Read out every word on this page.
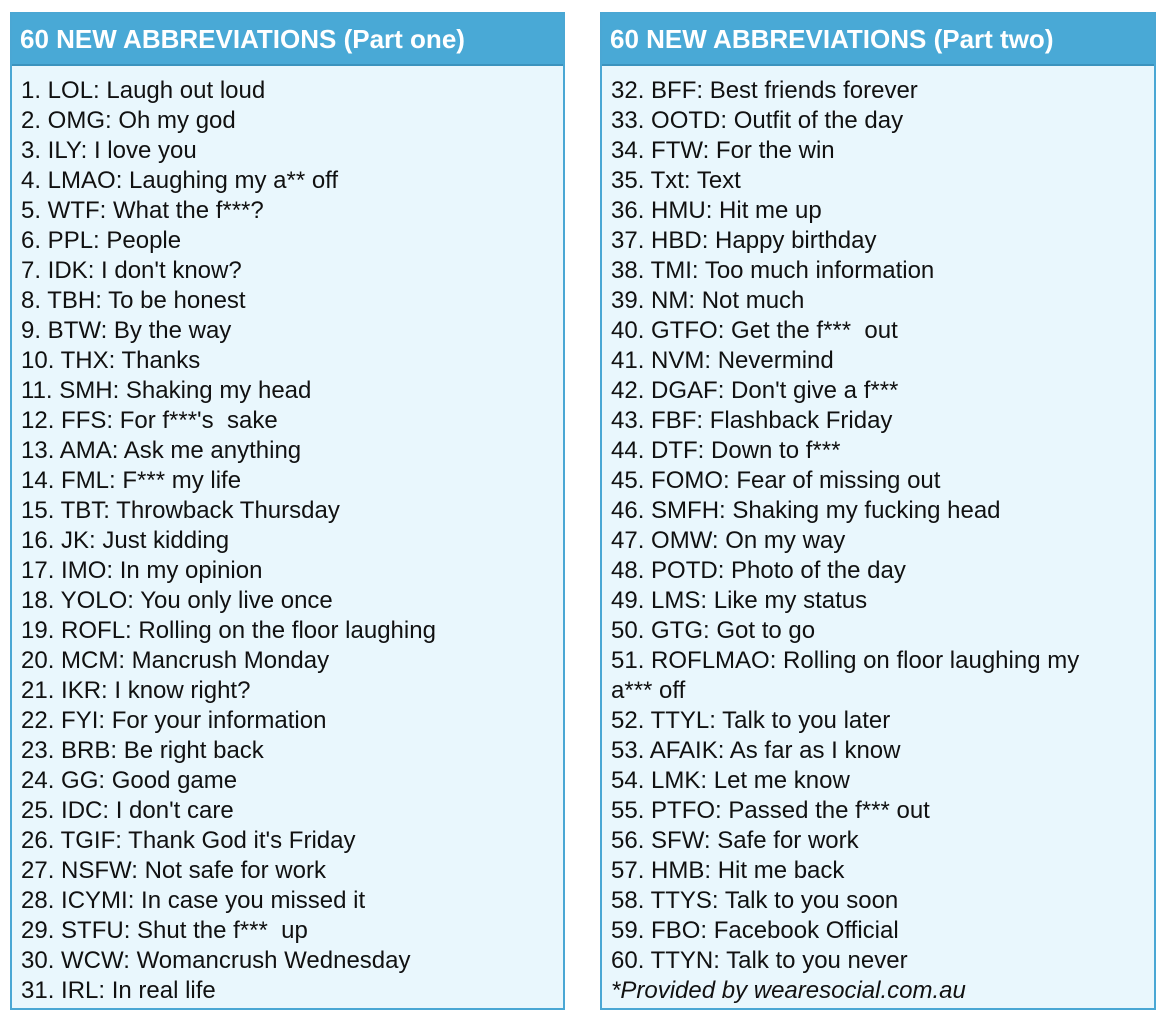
60 NEW ABBREVIATIONS (Part one)
1. LOL: Laugh out loud
2. OMG: Oh my god
3. ILY: I love you
4. LMAO: Laughing my a** off
5. WTF: What the f***?
6. PPL: People
7. IDK: I don't know?
8. TBH: To be honest
9. BTW: By the way
10. THX: Thanks
11. SMH: Shaking my head
12. FFS: For f***'s  sake
13. AMA: Ask me anything
14. FML: F*** my life
15. TBT: Throwback Thursday
16. JK: Just kidding
17. IMO: In my opinion
18. YOLO: You only live once
19. ROFL: Rolling on the floor laughing
20. MCM: Mancrush Monday
21. IKR: I know right?
22. FYI: For your information
23. BRB: Be right back
24. GG: Good game
25. IDC: I don't care
26. TGIF: Thank God it's Friday
27. NSFW: Not safe for work
28. ICYMI: In case you missed it
29. STFU: Shut the f***  up
30. WCW: Womancrush Wednesday
31. IRL: In real life
60 NEW ABBREVIATIONS (Part two)
32. BFF: Best friends forever
33. OOTD: Outfit of the day
34. FTW: For the win
35. Txt: Text
36. HMU: Hit me up
37. HBD: Happy birthday
38. TMI: Too much information
39. NM: Not much
40. GTFO: Get the f***  out
41. NVM: Nevermind
42. DGAF: Don't give a f***
43. FBF: Flashback Friday
44. DTF: Down to f***
45. FOMO: Fear of missing out
46. SMFH: Shaking my fucking head
47. OMW: On my way
48. POTD: Photo of the day
49. LMS: Like my status
50. GTG: Got to go
51. ROFLMAO: Rolling on floor laughing my
a*** off
52. TTYL: Talk to you later
53. AFAIK: As far as I know
54. LMK: Let me know
55. PTFO: Passed the f*** out
56. SFW: Safe for work
57. HMB: Hit me back
58. TTYS: Talk to you soon
59. FBO: Facebook Official
60. TTYN: Talk to you never
*Provided by wearesocial.com.au
